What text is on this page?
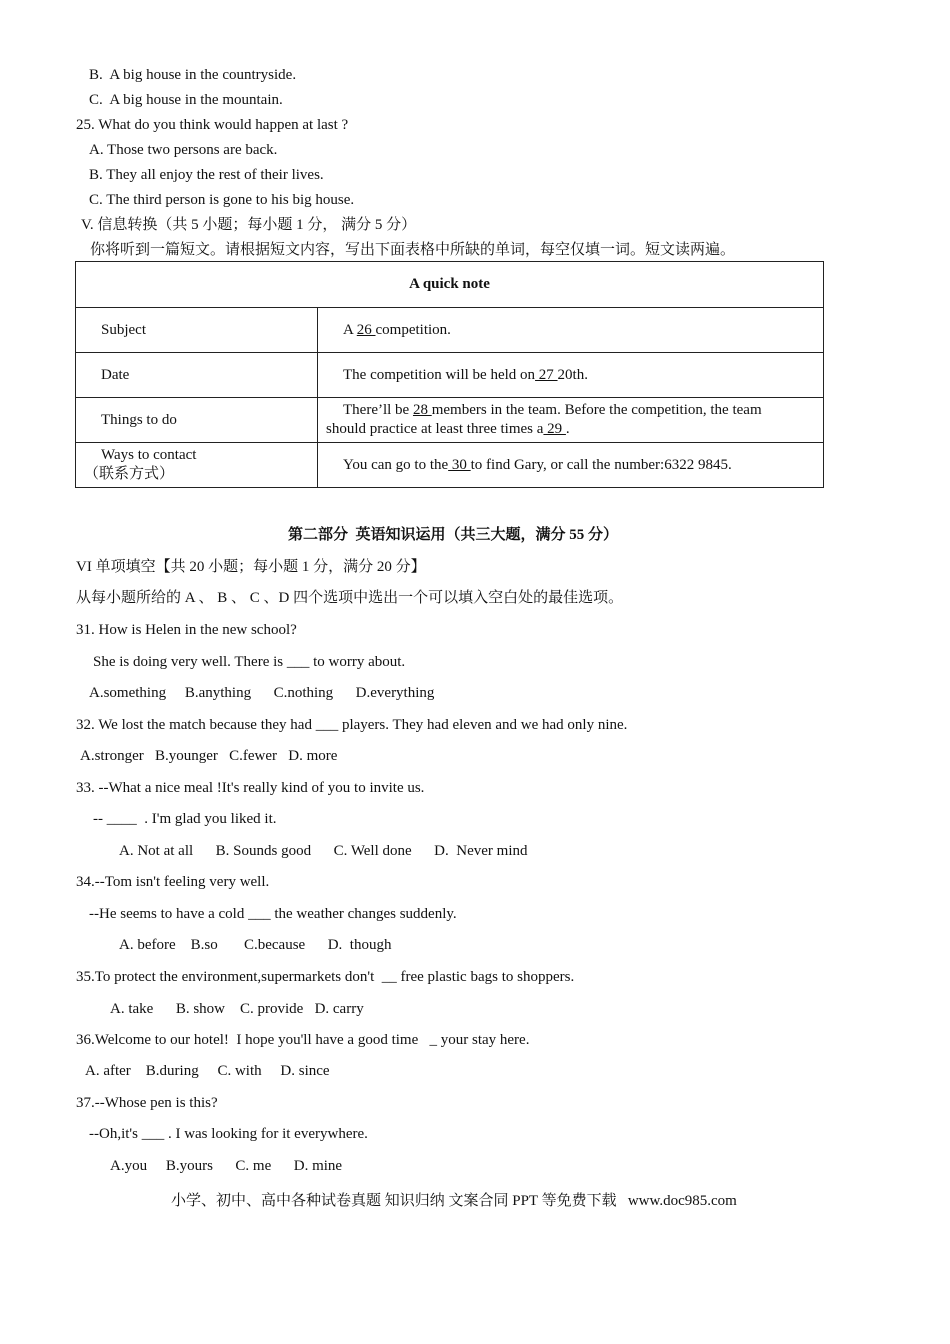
B.  A big house in the countryside.
C.  A big house in the mountain.
25. What do you think would happen at last ?
A. Those two persons are back.
B. They all enjoy the rest of their lives.
C. The third person is gone to his big house.
V. 信息转换（共 5 小题；每小题 1 分， 满分 5 分）
你将听到一篇短文。请根据短文内容，写出下面表格中所缺的单词，每空仅填一词。短文读两遍。
A quick note	
Subject	A 26 competition.
Date	The competition will be held on 27 20th.
Things to do	There’ll be 28 members in the team. Before the competition, the team
should practice at least three times a 29 .

Ways to contact
（联系方式）	You can go to the 30 to find Gary, or call the number:6322 9845.
第二部分  英语知识运用（共三大题，满分 55 分）
VI 单项填空【共 20 小题；每小题 1 分，满分 20 分】
从每小题所给的 A 、 B 、 C 、D 四个选项中选出一个可以填入空白处的最佳选项。
31. How is Helen in the new school?
She is doing very well. There is ___ to worry about.
A.something     B.anything      C.nothing      D.everything
32. We lost the match because they had ___ players. They had eleven and we had only nine.
A.stronger   B.younger   C.fewer   D. more
33. --What a nice meal !It's really kind of you to invite us.
-- ____  . I'm glad you liked it.
A. Not at all      B. Sounds good      C. Well done      D.  Never mind
34.--Tom isn't feeling very well.
--He seems to have a cold ___ the weather changes suddenly.
A. before    B.so       C.because      D.  though
35.To protect the environment,supermarkets don't  __ free plastic bags to shoppers.
A. take      B. show    C. provide   D. carry
36.Welcome to our hotel!  I hope you'll have a good time   _ your stay here.
A. after    B.during     C. with     D. since
37.--Whose pen is this?
--Oh,it's ___ . I was looking for it everywhere.
A.you     B.yours      C. me      D. mine
小学、初中、高中各种试卷真题 知识归纳 文案合同 PPT 等免费下载   www.doc985.com
